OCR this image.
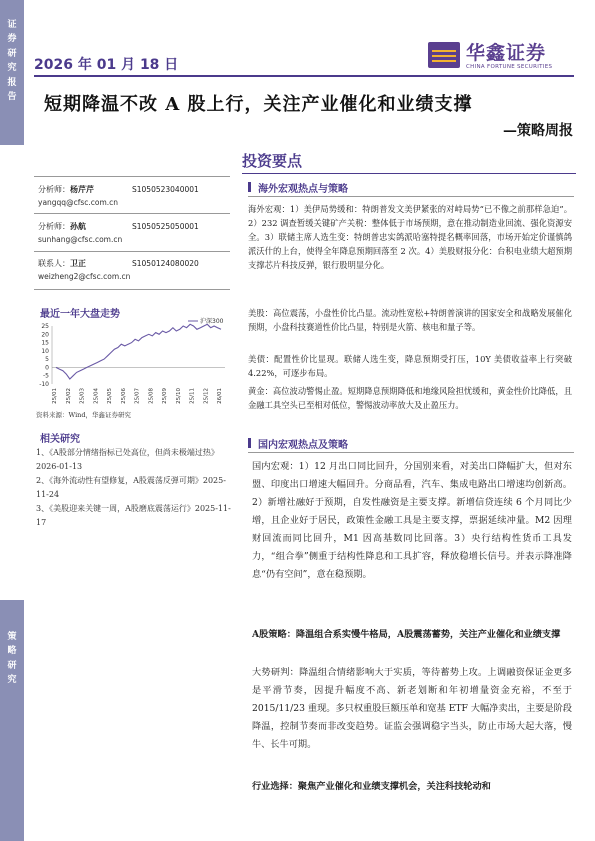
证
券
研
究
报
告
策
略
研
究
2026 年 01 月 18 日
华鑫证券
CHINA FORTUNE SECURITIES
短期降温不改 A 股上行，关注产业催化和业绩支撑
—策略周报
投资要点
分析师：杨芹芹	S1050523040001
yangqq@cfsc.com.cn
分析师：孙航	S1050525050001
sunhang@cfsc.com.cn
联系人：卫正	S1050124080020
weizheng2@cfsc.com.cn
最近一年大盘走势
-10
-5
0
5
10
15
20
25
25/01 25/02 25/03 25/04 25/05 25/06 25/07 25/08 25/09 25/10 25/11 25/12 26/01
沪深300
资料来源：Wind，华鑫证券研究
相关研究
1、《A股部分情绪指标已处高位，但尚未极端过热》2026-01-13
2、《海外流动性有望修复，A股震荡反弹可期》2025-11-24
3、《美股迎来关键一周，A股磨底震荡运行》2025-11-17
海外宏观热点与策略
海外宏观：1）美伊局势缓和：特朗普发文美伊紧张的对峙局势“已不像之前那样急迫”。2）232 调查暂缓关键矿产关税：整体低于市场预期，意在推动制造业回流、强化资源安全。3）联储主席人选生变：特朗普忠实鸽派哈塞特提名概率回落，市场开始定价谨慎鸽派沃什的上台，使得全年降息预期回落至 2 次。4）美股财报分化：台积电业绩大超预期支撑芯片科技反弹，银行股明显分化。
美股：高位震荡，小盘性价比凸显。流动性宽松+特朗普演讲的国家安全和战略发展催化预期，小盘科技赛道性价比凸显，特别是火箭、核电和量子等。
美债：配置性价比显现。联储人选生变，降息预期受打压，10Y 美债收益率上行突破 4.22%，可逐步布局。
黄金：高位波动警惕止盈。短期降息预期降低和地缘风险担忧缓和，黄金性价比降低，且金融工具空头已至相对低位，警惕波动率放大及止盈压力。
国内宏观热点及策略
国内宏观：1）12 月出口同比回升，分国别来看，对美出口降幅扩大，但对东盟、印度出口增速大幅回升。分商品看，汽车、集成电路出口增速均创新高。2）新增社融好于预期，自发性融资是主要支撑。新增信贷连续 6 个月同比少增，且企业好于居民，政策性金融工具是主要支撑，票据延续冲量。M2 因理财回流而同比回升，M1 因高基数同比回落。3）央行结构性货币工具发力，“组合拳”侧重于结构性降息和工具扩容，释放稳增长信号。并表示降准降息“仍有空间”，意在稳预期。
A股策略：降温组合系实慢牛格局，A股震荡蓄势，关注产业催化和业绩支撑
大势研判：降温组合情绪影响大于实质，等待蓄势上攻。上调融资保证金更多是平滑节奏，因提升幅度不高、新老划断和年初增量资金充裕，不至于 2015/11/23 重现。多只权重股巨额压单和宽基 ETF 大幅净卖出，主要是阶段降温，控制节奏而非改变趋势。证监会强调稳字当头，防止市场大起大落，慢牛、长牛可期。
行业选择：聚焦产业催化和业绩支撑机会，关注科技轮动和
